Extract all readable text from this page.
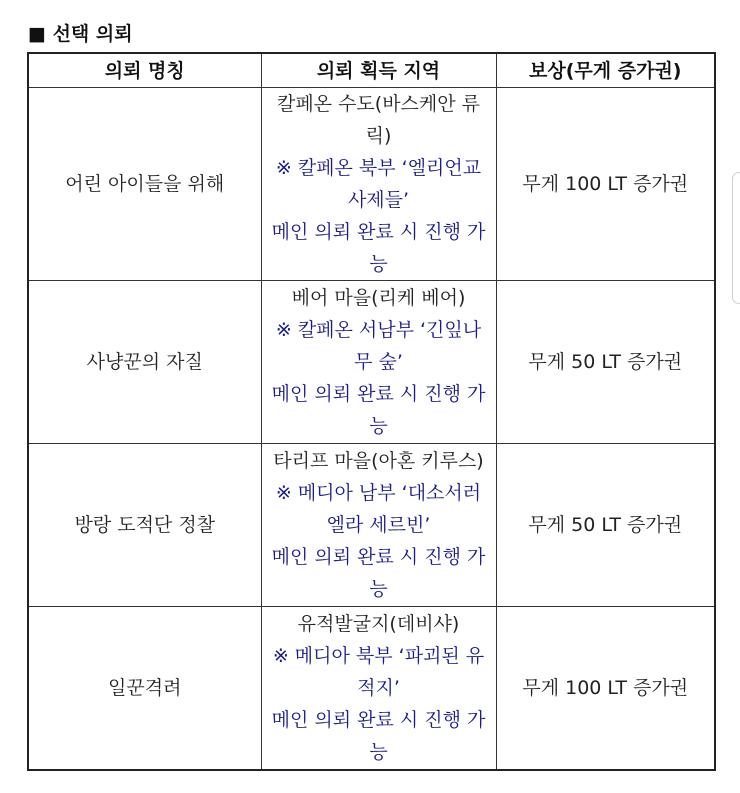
■ 선택 의뢰
의뢰 명칭	의뢰 획득 지역	보상(무게 증가권)
어린 아이들을 위해	칼페온 수도(바스케안 류릭)
※ 칼페온 북부 ‘엘리언교 사제들’
메인 의뢰 완료 시 진행 가능	무게 100 LT 증가권
사냥꾼의 자질	베어 마을(리케 베어)
※ 칼페온 서남부 ‘긴잎나무 숲’
메인 의뢰 완료 시 진행 가능	무게 50 LT 증가권
방랑 도적단 정찰	타리프 마을(아혼 키루스)
※ 메디아 남부 ‘대소서러 엘라 세르빈’
메인 의뢰 완료 시 진행 가능	무게 50 LT 증가권
일꾼격려	유적발굴지(데비샤)
※ 메디아 북부 ‘파괴된 유적지’
메인 의뢰 완료 시 진행 가능	무게 100 LT 증가권
